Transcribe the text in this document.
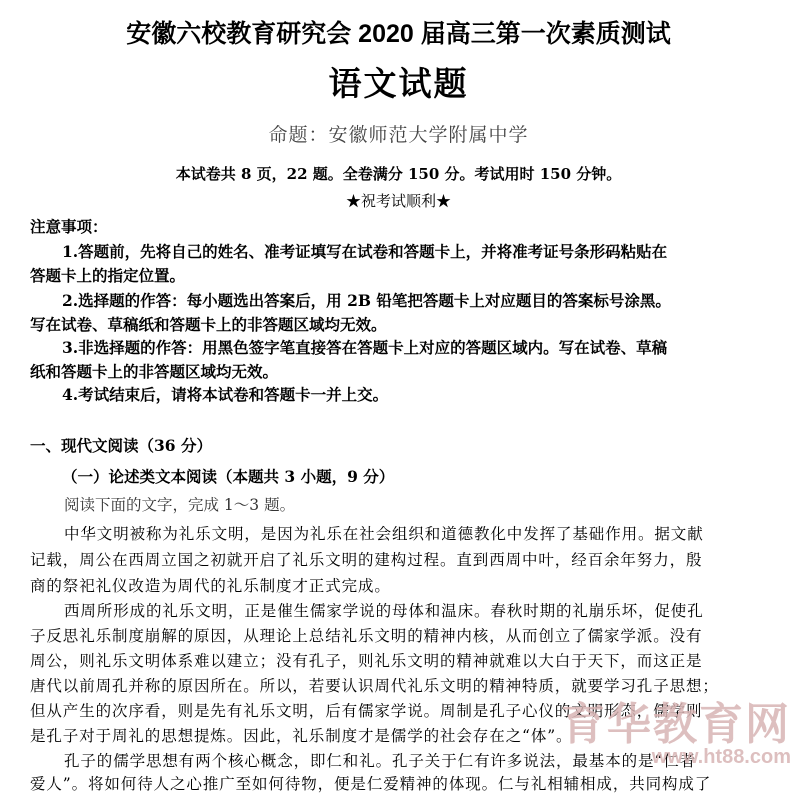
安徽六校教育研究会 2020 届高三第一次素质测试
语文试题
命题：安徽师范大学附属中学
本试卷共 8 页，22 题。全卷满分 150 分。考试用时 150 分钟。
★祝考试顺利★
注意事项：
1.答题前，先将自己的姓名、准考证填写在试卷和答题卡上，并将准考证号条形码粘贴在
答题卡上的指定位置。
2.选择题的作答：每小题选出答案后，用 2B 铅笔把答题卡上对应题目的答案标号涂黑。
写在试卷、草稿纸和答题卡上的非答题区域均无效。
3.非选择题的作答：用黑色签字笔直接答在答题卡上对应的答题区域内。写在试卷、草稿
纸和答题卡上的非答题区域均无效。
4.考试结束后，请将本试卷和答题卡一并上交。
一、现代文阅读（36 分）
（一）论述类文本阅读（本题共 3 小题，9 分）
阅读下面的文字，完成 1～3 题。
中华文明被称为礼乐文明，是因为礼乐在社会组织和道德教化中发挥了基础作用。据文献
记载，周公在西周立国之初就开启了礼乐文明的建构过程。直到西周中叶，经百余年努力，殷
商的祭祀礼仪改造为周代的礼乐制度才正式完成。
西周所形成的礼乐文明，正是催生儒家学说的母体和温床。春秋时期的礼崩乐坏，促使孔
子反思礼乐制度崩解的原因，从理论上总结礼乐文明的精神内核，从而创立了儒家学派。没有
周公，则礼乐文明体系难以建立；没有孔子，则礼乐文明的精神就难以大白于天下，而这正是
唐代以前周孔并称的原因所在。所以，若要认识周代礼乐文明的精神特质，就要学习孔子思想；
但从产生的次序看，则是先有礼乐文明，后有儒家学说。周制是孔子心仪的文明形态，儒学则
是孔子对于周礼的思想提炼。因此，礼乐制度才是儒学的社会存在之“体”。
孔子的儒学思想有两个核心概念，即仁和礼。孔子关于仁有许多说法，最基本的是“仁者
爱人”。将如何待人之心推广至如何待物，便是仁爱精神的体现。仁与礼相辅相成，共同构成了
育华教育网
www.ht88.com
